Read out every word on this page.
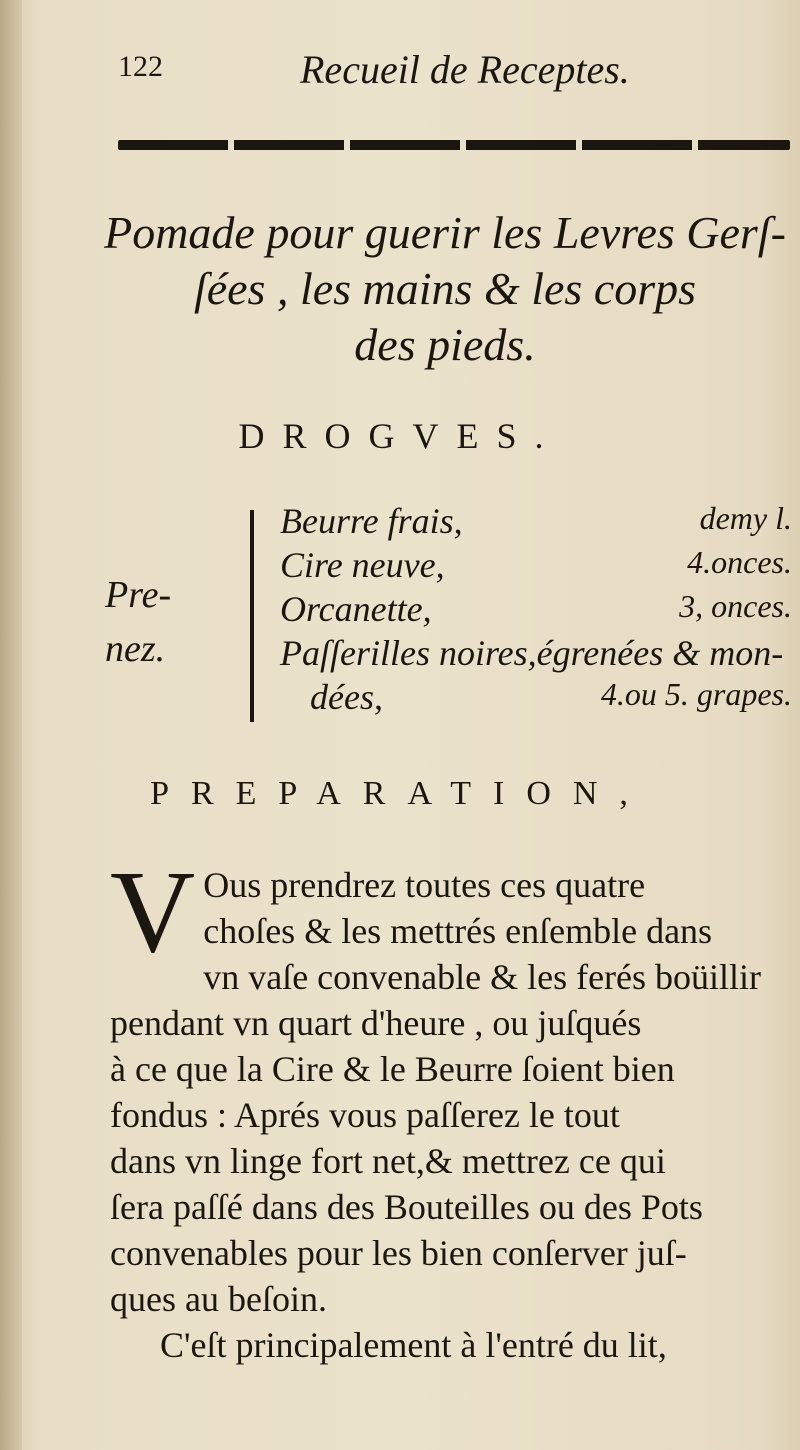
122	Recueil de Receptes.
Pomade pour guerir les Levres Gerſ-
ſées , les mains & les corps
des pieds.
DROGVES.
Pre-
nez.
Beurre frais,	demy l.
Cire neuve,	4.onces.
Orcanette,	3, onces.
Paſſerilles noires,égrenées & mon-
dées,	4.ou 5. grapes.
PREPARATION,
V Ous prendrez toutes ces quatre
choſes & les mettrés enſemble dans
vn vaſe convenable & les ferés boüillir
pendant vn quart d'heure , ou juſqués
à ce que la Cire & le Beurre ſoient bien
fondus : Aprés vous paſſerez le tout
dans vn linge fort net,& mettrez ce qui
ſera paſſé dans des Bouteilles ou des Pots
convenables pour les bien conſerver juſ-
ques au beſoin.
C'eſt principalement à l'entré du lit,
